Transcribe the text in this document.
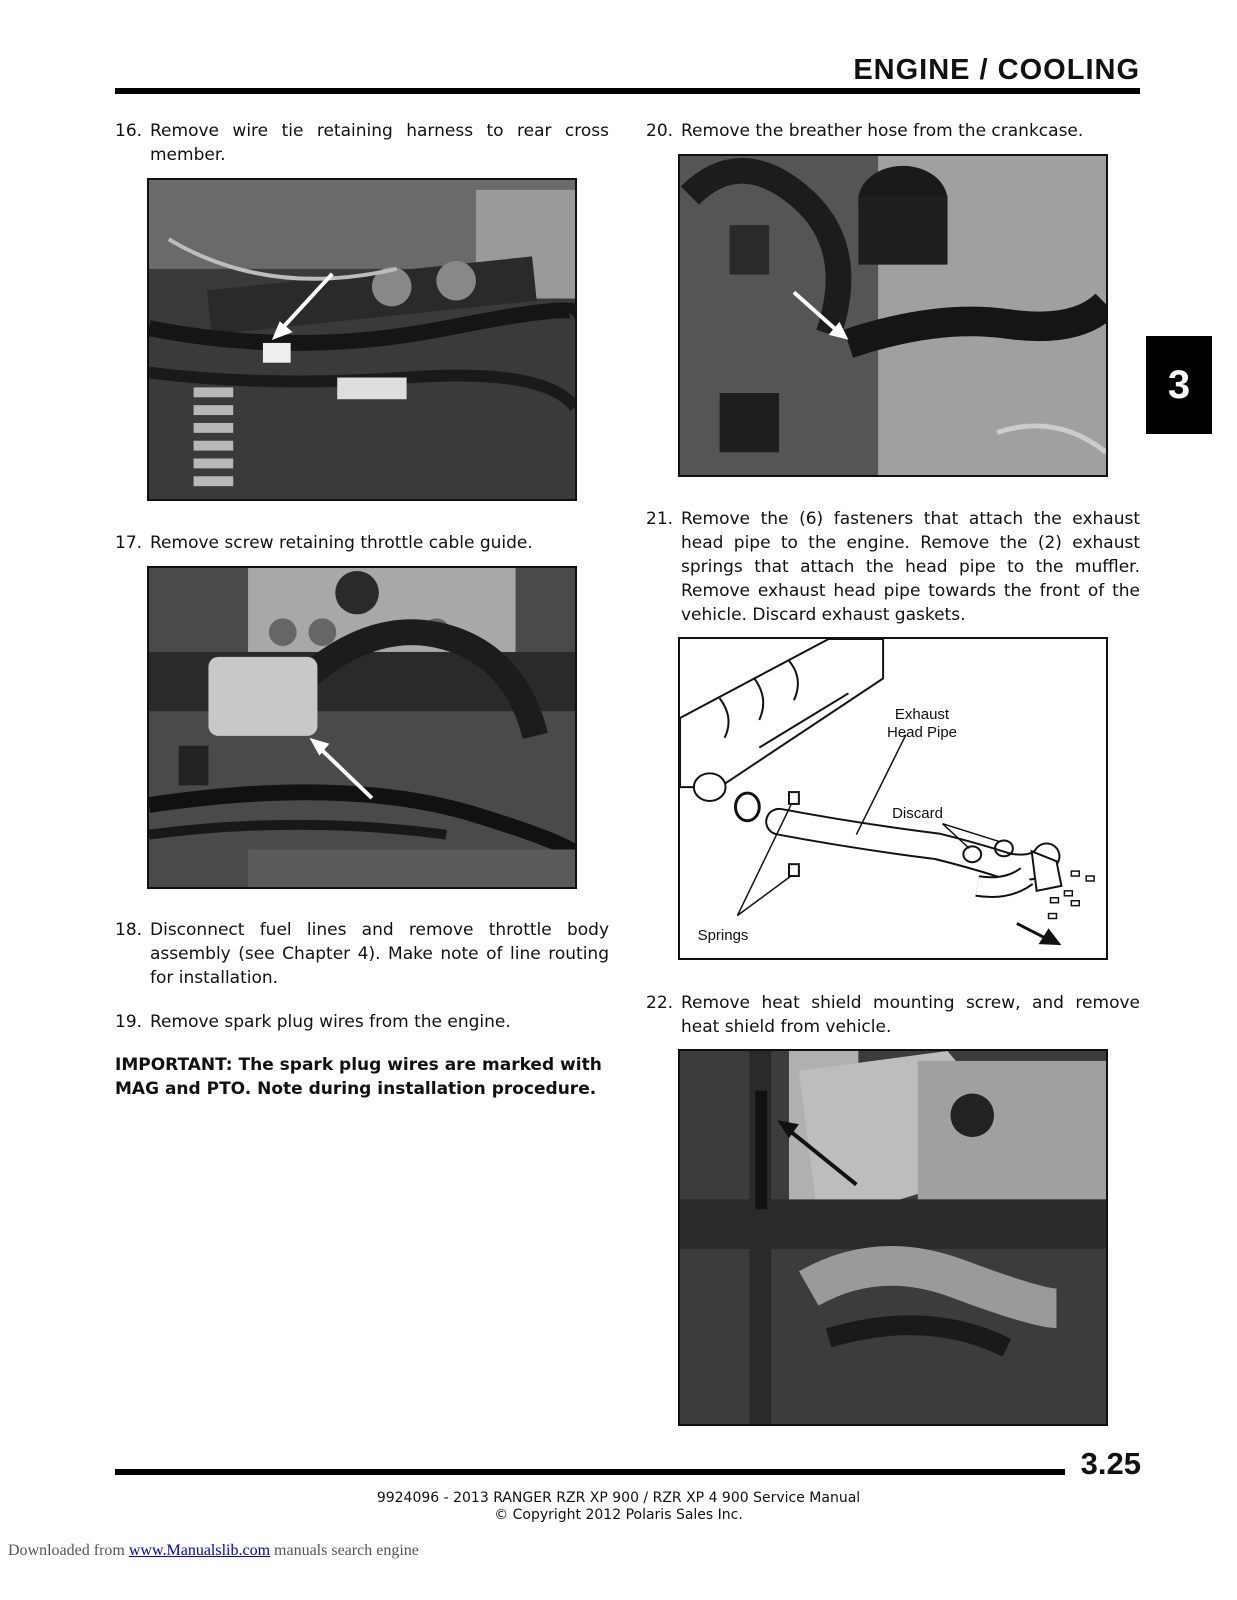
ENGINE / COOLING
3
16. Remove wire tie retaining harness to rear cross member.
17. Remove screw retaining throttle cable guide.
18. Disconnect fuel lines and remove throttle body assembly (see Chapter 4). Make note of line routing for installation.
19. Remove spark plug wires from the engine.
IMPORTANT: The spark plug wires are marked with MAG and PTO. Note during installation procedure.
20. Remove the breather hose from the crankcase.
21. Remove the (6) fasteners that attach the exhaust head pipe to the engine. Remove the (2) exhaust springs that attach the head pipe to the muffler. Remove exhaust head pipe towards the front of the vehicle. Discard exhaust gaskets.
Exhaust
Head Pipe
Discard
Springs
22. Remove heat shield mounting screw, and remove heat shield from vehicle.
3.25
9924096 - 2013 RANGER RZR XP 900 / RZR XP 4 900 Service Manual
© Copyright 2012 Polaris Sales Inc.
Downloaded from www.Manualslib.com manuals search engine
